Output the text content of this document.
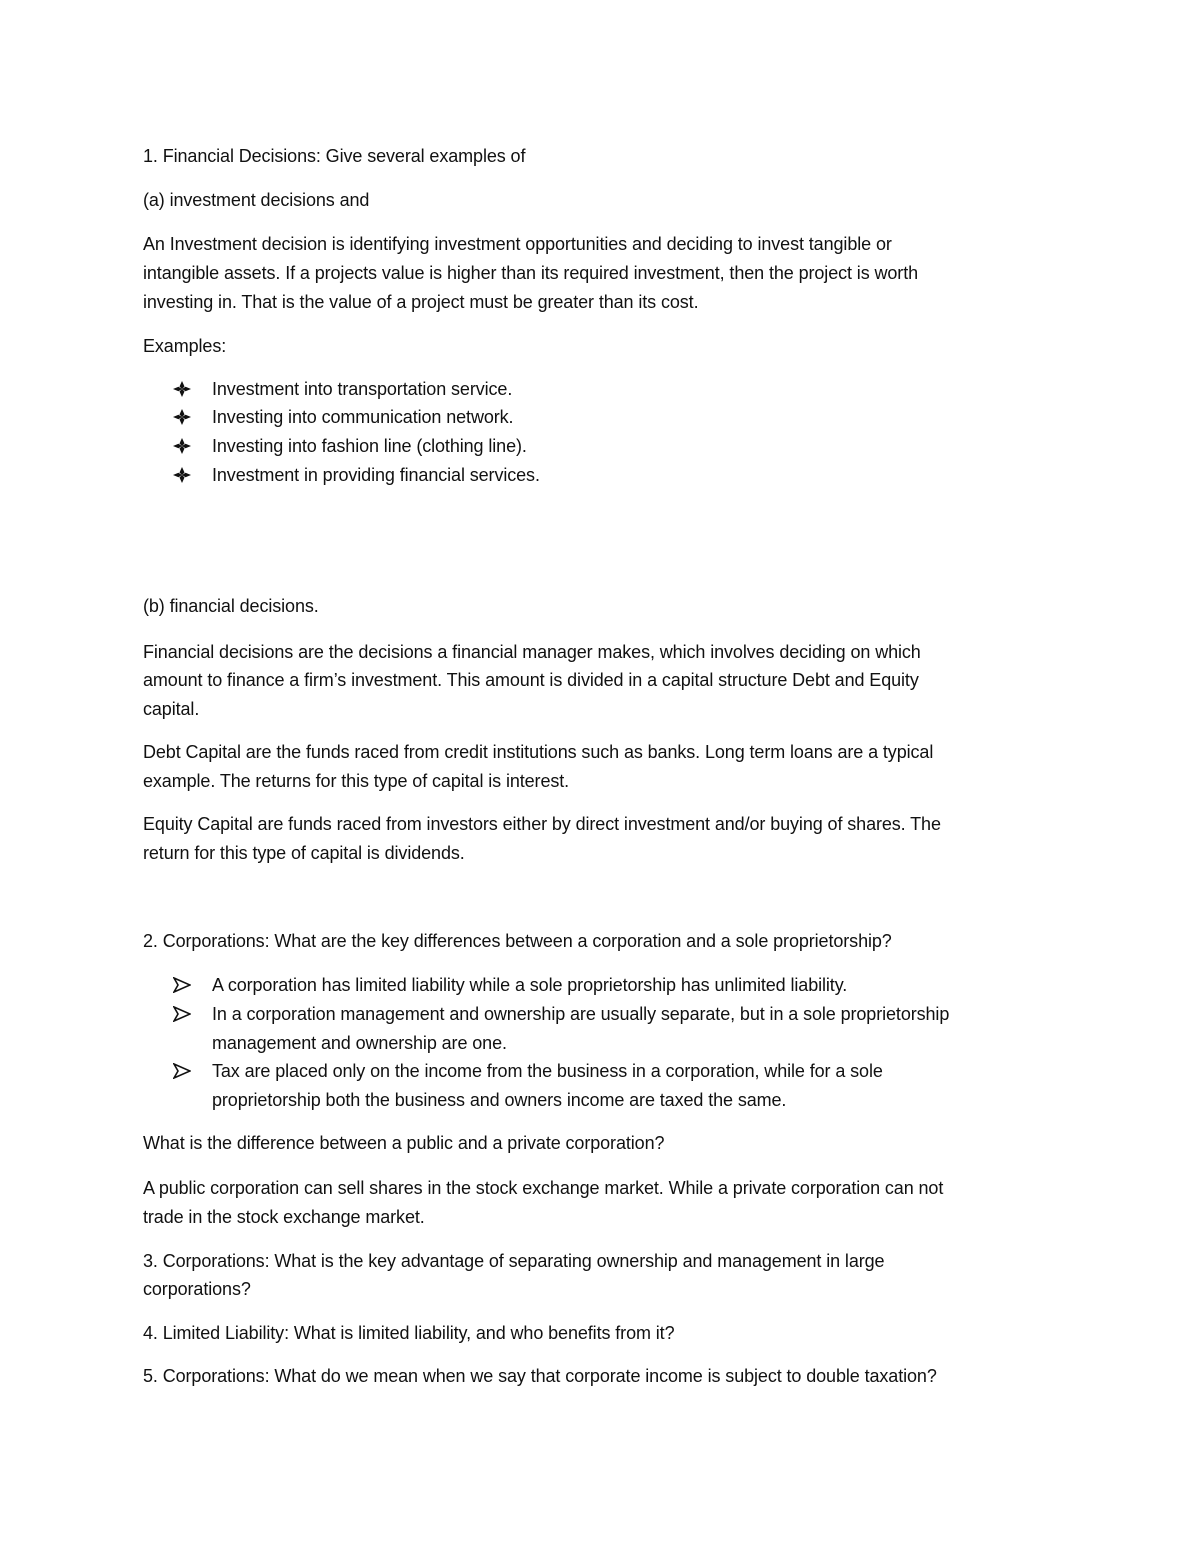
1. Financial Decisions: Give several examples of
(a) investment decisions and
An Investment decision is identifying investment opportunities and deciding to invest tangible or
intangible assets. If a projects value is higher than its required investment, then the project is worth
investing in. That is the value of a project must be greater than its cost.
Examples:
Investment into transportation service.
Investing into communication network.
Investing into fashion line (clothing line).
Investment in providing financial services.
(b) financial decisions.
Financial decisions are the decisions a financial manager makes, which involves deciding on which
amount to finance a firm’s investment. This amount is divided in a capital structure Debt and Equity
capital.
Debt Capital are the funds raced from credit institutions such as banks. Long term loans are a typical
example. The returns for this type of capital is interest.
Equity Capital are funds raced from investors either by direct investment and/or buying of shares. The
return for this type of capital is dividends.
2. Corporations: What are the key differences between a corporation and a sole proprietorship?
A corporation has limited liability while a sole proprietorship has unlimited liability.
In a corporation management and ownership are usually separate, but in a sole proprietorship
management and ownership are one.
Tax are placed only on the income from the business in a corporation, while for a sole
proprietorship both the business and owners income are taxed the same.
What is the difference between a public and a private corporation?
A public corporation can sell shares in the stock exchange market. While a private corporation can not
trade in the stock exchange market.
3. Corporations: What is the key advantage of separating ownership and management in large
corporations?
4. Limited Liability: What is limited liability, and who benefits from it?
5. Corporations: What do we mean when we say that corporate income is subject to double taxation?
